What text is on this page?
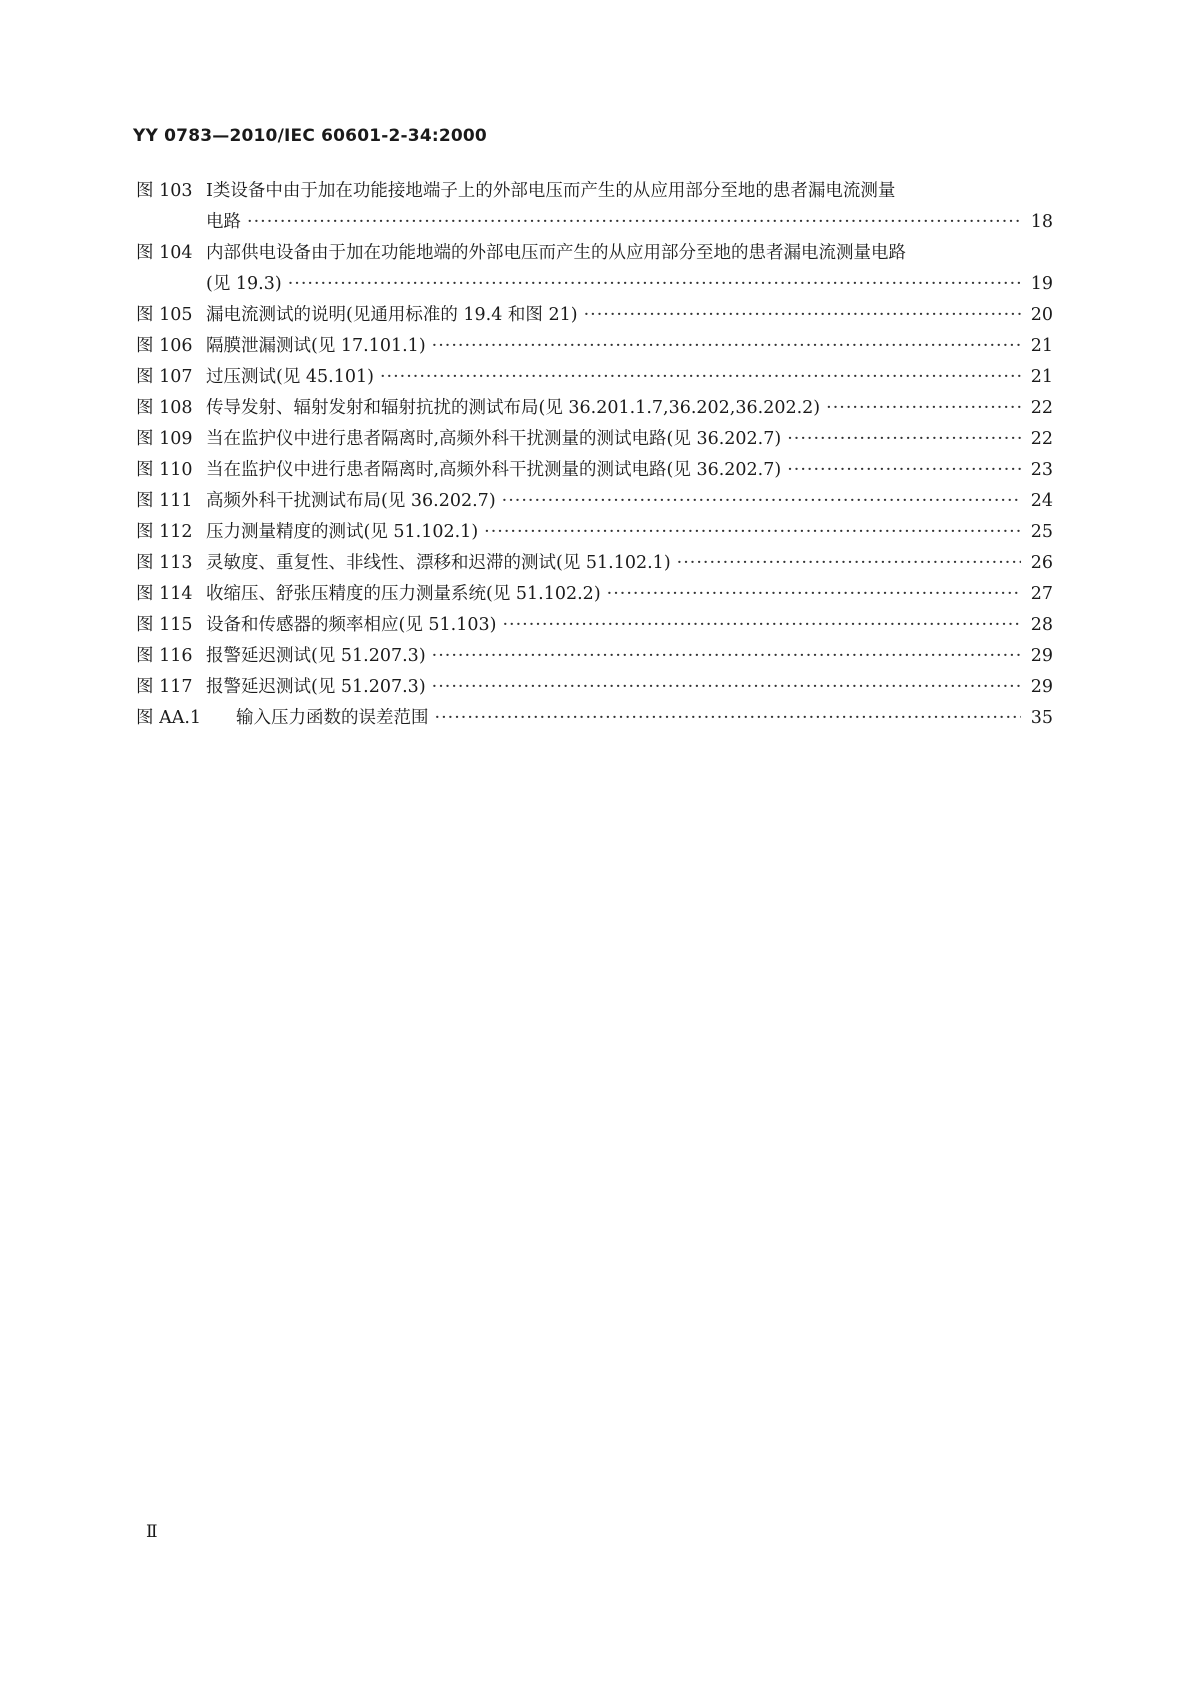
YY 0783—2010/IEC 60601-2-34:2000
图 103 Ⅰ类设备中由于加在功能接地端子上的外部电压而产生的从应用部分至地的患者漏电流测量
电路 ·····	18
图 104 内部供电设备由于加在功能地端的外部电压而产生的从应用部分至地的患者漏电流测量电路
(见 19.3) ·····	19
图 105 漏电流测试的说明(见通用标准的 19.4 和图 21) ·····	20
图 106 隔膜泄漏测试(见 17.101.1) ·····	21
图 107 过压测试(见 45.101) ·····	21
图 108 传导发射、辐射发射和辐射抗扰的测试布局(见 36.201.1.7,36.202,36.202.2) ·····	22
图 109 当在监护仪中进行患者隔离时,高频外科干扰测量的测试电路(见 36.202.7) ·····	22
图 110 当在监护仪中进行患者隔离时,高频外科干扰测量的测试电路(见 36.202.7) ·····	23
图 111 高频外科干扰测试布局(见 36.202.7) ·····	24
图 112 压力测量精度的测试(见 51.102.1) ·····	25
图 113 灵敏度、重复性、非线性、漂移和迟滞的测试(见 51.102.1) ·····	26
图 114 收缩压、舒张压精度的压力测量系统(见 51.102.2) ·····	27
图 115 设备和传感器的频率相应(见 51.103) ·····	28
图 116 报警延迟测试(见 51.207.3) ·····	29
图 117 报警延迟测试(见 51.207.3) ·····	29
图 AA.1	输入压力函数的误差范围 ·····	35
Ⅱ
